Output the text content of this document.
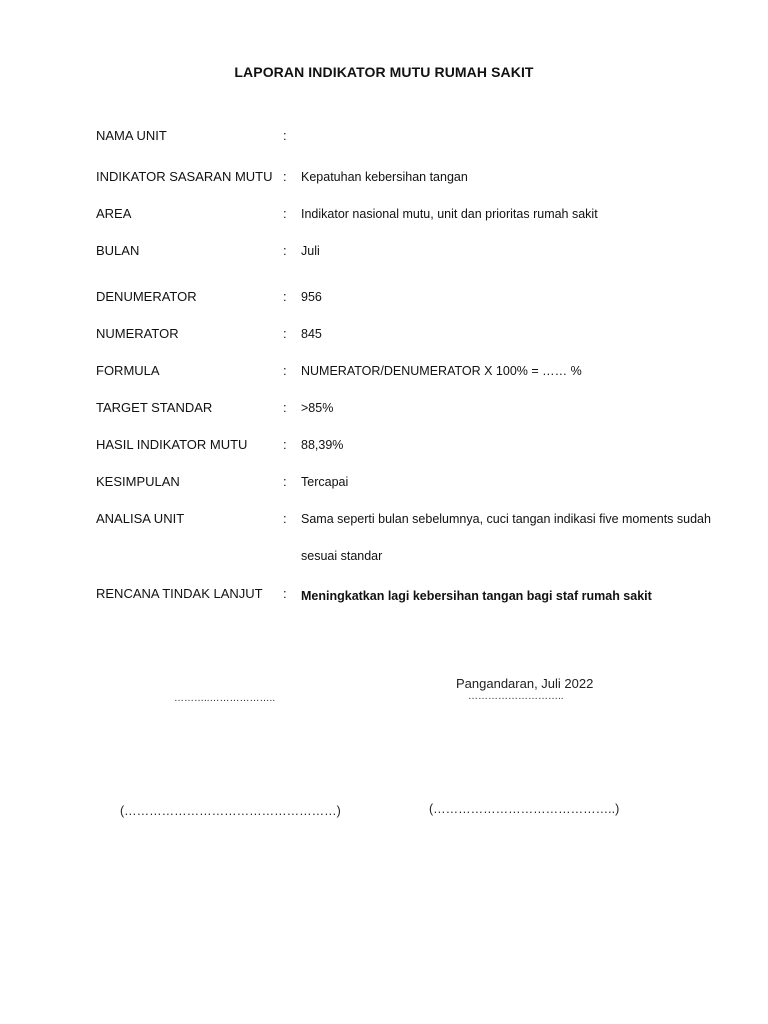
LAPORAN INDIKATOR MUTU RUMAH SAKIT
NAMA UNIT	:
INDIKATOR SASARAN MUTU : Kepatuhan kebersihan tangan
AREA	: Indikator nasional mutu, unit dan prioritas rumah sakit
BULAN	: Juli
DENUMERATOR	: 956
NUMERATOR	: 845
FORMULA	: NUMERATOR/DENUMERATOR X 100% = …… %
TARGET STANDAR	: >85%
HASIL INDIKATOR MUTU	: 88,39%
KESIMPULAN	: Tercapai
ANALISA UNIT	: Sama seperti bulan sebelumnya, cuci tangan indikasi five moments sudah sesuai standar
RENCANA TINDAK LANJUT : Meningkatkan lagi kebersihan tangan bagi staf rumah sakit
Pangandaran, Juli 2022
………..………………..	………………………..
(……………………………………………)	(……………………………………..)
